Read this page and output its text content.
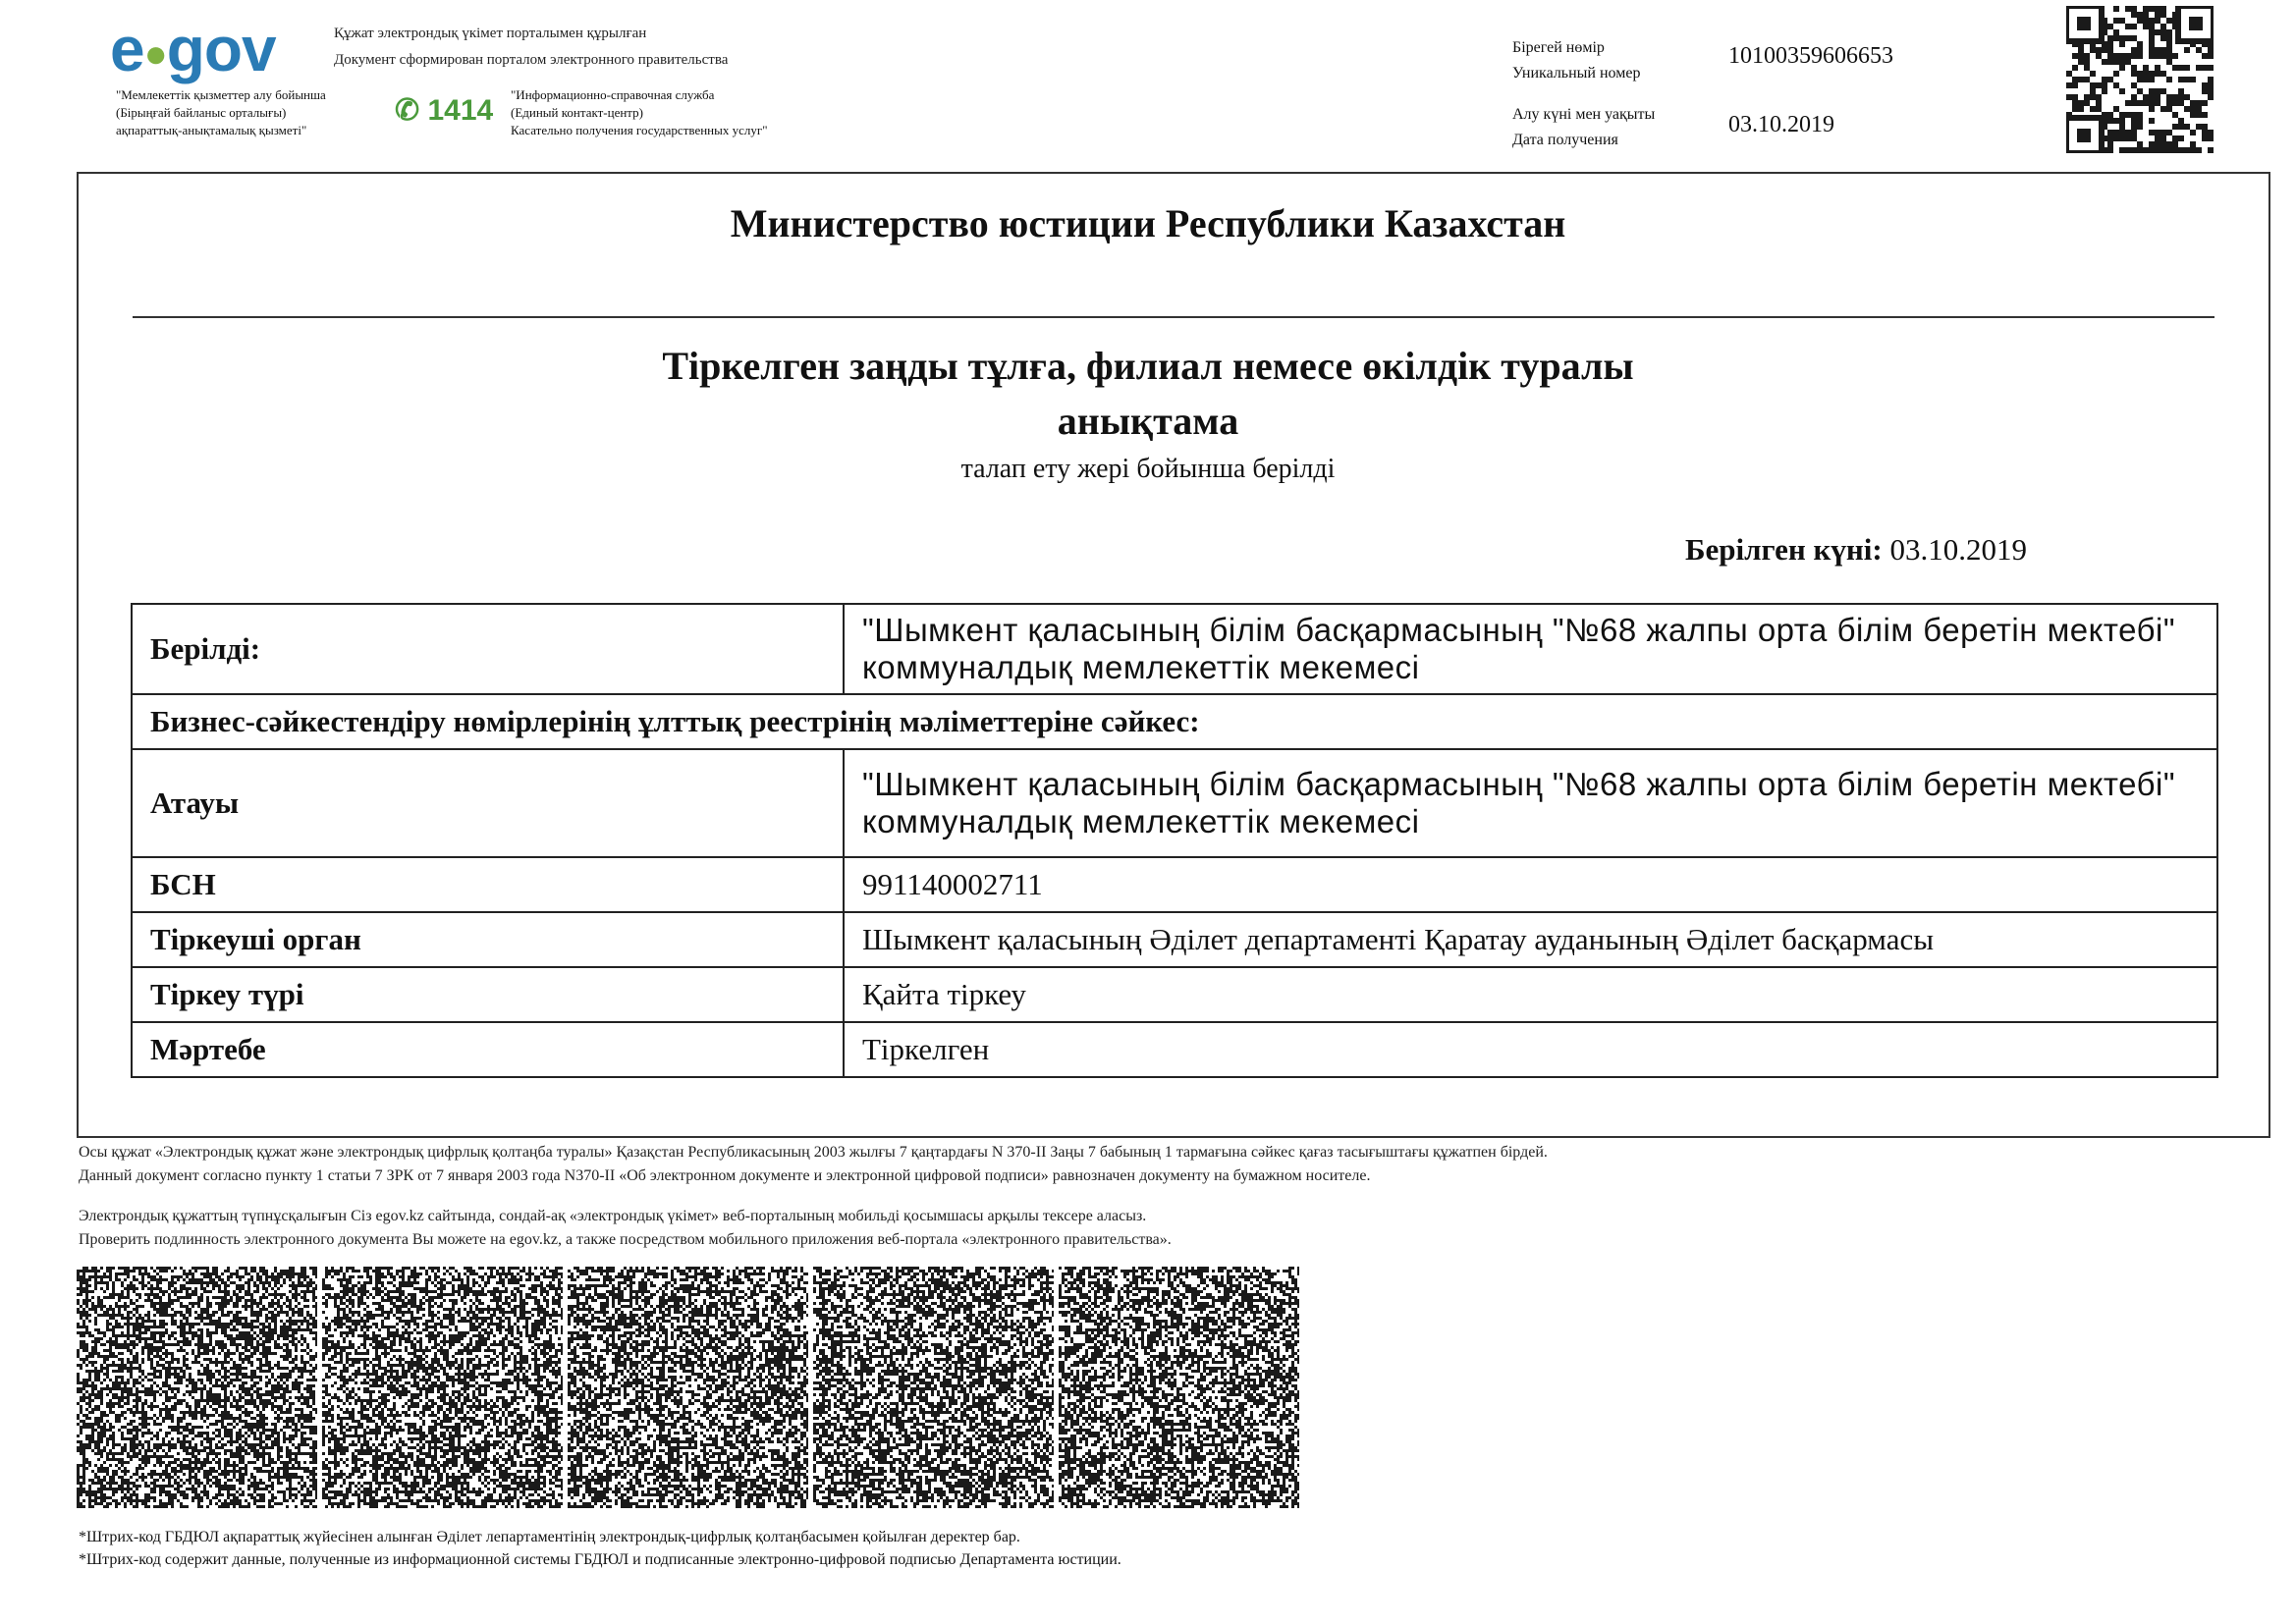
e●gov	Құжат электрондық үкімет порталымен құрылған
Документ сформирован порталом электронного правительства
"Мемлекеттік қызметтер алу бойынша
(Бірыңғай байланыс орталығы)
ақпараттық-анықтамалық қызметі"
✆ 1414 "Информационно-справочная служба
(Единый контакт-центр)
Касательно получения государственных услуг"
Бірегей нөмір
Уникальный номер
10100359606653
Алу күні мен уақыты
Дата получения
03.10.2019
Министерство юстиции Республики Казахстан
Тіркелген заңды тұлға, филиал немесе өкілдік туралы
анықтама
талап ету жері бойынша берілді
Берілген күні: 03.10.2019
Берілді:	"Шымкент қаласының білім басқармасының "№68 жалпы орта білім беретін мектебі" коммуналдық мемлекеттік мекемесі
Бизнес-сәйкестендіру нөмірлерінің ұлттық реестрінің мәліметтеріне сәйкес:	
Атауы	"Шымкент қаласының білім басқармасының "№68 жалпы орта білім беретін мектебі" коммуналдық мемлекеттік мекемесі
БСН	991140002711
Тіркеуші орган	Шымкент қаласының Әділет департаменті Қаратау ауданының Әділет басқармасы
Тіркеу түрі	Қайта тіркеу
Мәртебе	Тіркелген
Осы құжат «Электрондық құжат және электрондық цифрлық қолтаңба туралы» Қазақстан Республикасының 2003 жылғы 7 қаңтардағы N 370-II Заңы 7 бабының 1 тармағына сәйкес қағаз тасығыштағы құжатпен бірдей.
Данный документ согласно пункту 1 статьи 7 ЗРК от 7 января 2003 года N370-II «Об электронном документе и электронной цифровой подписи» равнозначен документу на бумажном носителе.
Электрондық құжаттың түпнұсқалығын Сіз egov.kz сайтында, сондай-ақ «электрондық үкімет» веб-порталының мобильді қосымшасы арқылы тексере аласыз.
Проверить подлинность электронного документа Вы можете на egov.kz, а также посредством мобильного приложения веб-портала «электронного правительства».
*Штрих-код ГБДЮЛ ақпараттық жүйесінен алынған Әділет лепартаментінің электрондық-цифрлық қолтаңбасымен қойылған деректер бар.
*Штрих-код содержит данные, полученные из информационной системы ГБДЮЛ и подписанные электронно-цифровой подписью Департамента юстиции.
